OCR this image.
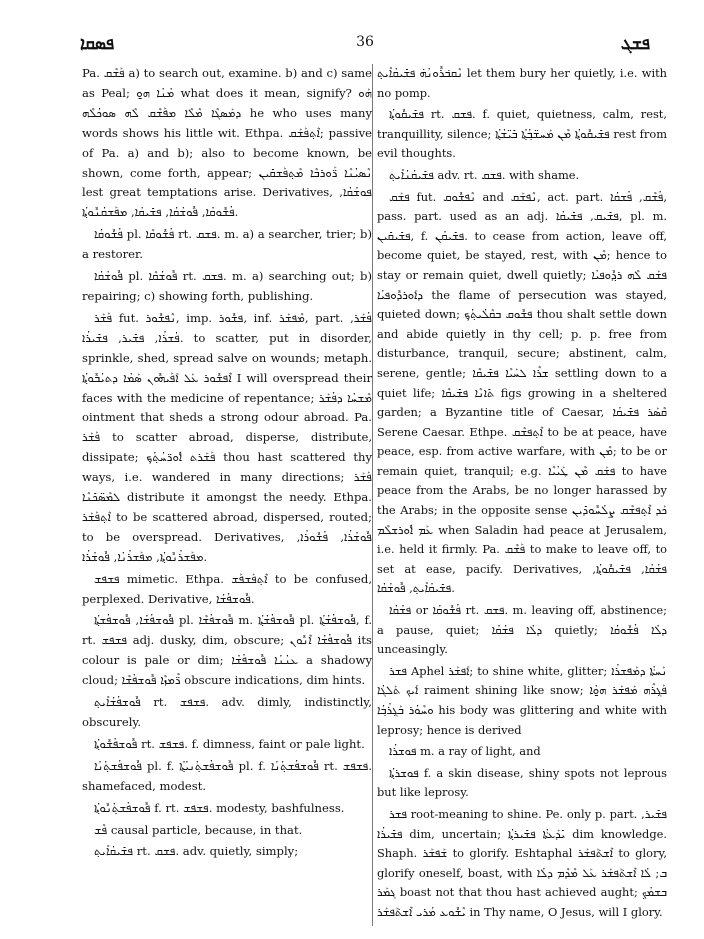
ܦܣܩܐ	36	ܦܫܓ

Pa. ܦܰܫܶܩ a) to search out, examine. b) and c) same as Peal; ܡܳܢܳܐ ܗ̱ܘ what does it mean, signify? ܗܰܘ ܕܡܰܣܓܶܐ ܡܶܠܶܐ ܡܦܰܫܶܩ ܠܶܗ ܣܘܟܳܠܶܗ he who uses many words shows his little wit. Ethpa. ܐܶܬ݂ܦܰܫܰܩ; passive of Pa. a) and b); also to become known, be shown, come forth, appear; ܢܶܣܝܳܢܶܐ ܪ̈ܰܘܪܒܶܐ ܡܶܬ݂ܦܰܫܩܺܝܢ lest great temptations arise. Derivatives, ܦܘܫܳܩܳܐ, ܦܳܫܽܘܩܳܐ, ܦܽܘܫܳܩܳܐ, ܦܫܺܝܩܳܐ, ܡܦܰܫܩܳܢܽܘܬ݂ܳܐ.

ܦܳܫܽܘܩܳܐ pl. ܦܳܫܽܘܩܶܐ rt. ܦܫܩ. m. a) a searcher, trier; b) a restorer.

ܦܽܘܫܳܩܳܐ pl. ܦܽܘܫܳܩܶܐ rt. ܦܫܩ. m. a) searching out; b) repairing; c) showing forth, publishing.

ܦܰܫܰܪ fut. ܢܶܦܫܽܘܪ, imp. ܦܫܽܘܪ, inf. ܡܶܦܫܰܪ, part. ܦܳܫܰܪ, ܦܳܫܪܳܐ, ܦܫܺܝܪ, ܦܫܺܝܪܳܐ. to scatter, put in disorder, sprinkle, shed, spread salve on wounds; metaph. ܐܶܦܫܽܘܪ ܥܰܠ ܐܰܦܰܝܗܽܘܢ ܣܰܡܳܐ ܕܬܝܳܒܽܘܬ݂ܳܐ I will overspread their faces with the medicine of repentance; ܡܶܫܚܳܐ ܕܦܳܫܰܪ ointment that sheds a strong odour abroad. Pa. ܦܰܫܰܪ to scatter abroad, disperse, distribute, dissipate; ܦܰܫܰܪܬ ܐܽܘܪ̈ܚܳܬ݂ܳܟ݂ thou hast scattered thy ways, i.e. wandered in many directions; ܦܰܫܰܪ ܠܡܶܣ̈ܟܺܢܶܐ distribute it amongst the needy. Ethpa. ܐܶܬ݂ܦܰܫܰܪ to be scattered abroad, dispersed, routed; to be overspread. Derivatives, ܦܽܘܫܳܪܳܐ, ܦܳܫܽܘܪܳܐ, ܡܦܰܫܪܳܢܽܘܬ݂ܳܐ, ܡܦܰܫܪܳܢܳܐ, ܦܽܘܫܳܪܳܐ.

ܦܫܦܫ mimetic. Ethpa. ܐܶܬ݂ܦܰܫܦܰܫ to be confused, perplexed. Derivative, ܦܽܘܫܦܳܫܳܐ.

ܦܽܘܫܦܳܫܳܐ, ܦܽܘܫܦܳܫܬ݂ܳܐ pl. ܦܽܘܫܦܳܫܶܐ m. ܦܽܘܫܦܳܫܳܬ݂ܳܐ pl. ܦܽܘܫܦܳܫܳܬ݂ܳܐ, f. rt. ܦܫܦܫ adj. dusky, dim, obscure; ܦܽܘܫܦܳܫܳܐ ܐܶܢܽܘܢ its colour is pale or dim; ܥܢܳܢܳܐ ܦܽܘܫܦܳܫܳܐ a shadowy cloud; ܪ̈ܶܡܙܶܐ ܦܽܘܫܦܳܫܶܐ obscure indications, dim hints.

ܦܽܘܫܦܳܫܳܐܺܝܬ݂ rt. ܦܫܦܫ. adv. dimly, indistinctly, obscurely.

ܦܽܘܫܦܳܫܽܘܬ݂ܳܐ rt. ܦܫܦܫ. f. dimness, faint or pale light.

ܦܽܘܫܦܳܫܬ݂ܳܢܳܐ pl. f. ܦܽܘܫܦܳܫܬ݂ܳܢܝܳܬ݂ܳܐ pl. f. ܦܽܘܫܦܳܫܬ݂ܳܢܳܐ rt. ܦܫܦܫ. shamefaced, modest.

ܦܽܘܫܦܳܫܬ݂ܳܢܽܘܬ݂ܳܐ f. rt. ܦܫܦܫ. modesty, bashfulness.

ܦܶܫ causal particle, because, in that.

ܦܫܺܝܩܳܐܺܝܬ݂ rt. ܦܫܩ. adv. quietly, simply;

ܢܶܩܒ݁ܪܽܘܢܳܗ̇ ܦܫܺܝܩܳܐܺܝܬ݂ let them bury her quietly, i.e. with no pomp.

ܦܫܺܝܩܽܘܬ݂ܳܐ rt. ܦܫܩ. f. quiet, quietness, calm, rest, tranquillity, silence; ܦܫܺܝܩܽܘܬ݂ܳܐ ܡܶܢ ܡܰܚܫ̈ܒ݂ܳܬ݂ܳܐ ܒܺܝ̈ܫܳܬ݂ܳܐ rest from evil thoughts.

ܦܫܺܝܩܳܢܳܐܺܝܬ݂ adv. rt. ܦܫܩ. with shame.

ܦܫܰܩ fut. ܢܶܦܫܽܘܩ and ܢܶܦܫܰܩ, act. part. ܦܳܫܶܩ, ܦܳܫܩܳܐ, pass. part. used as an adj. ܦܫܺܝܩ, ܦܫܺܝܩܳܐ, pl. m. ܦܫܺܝܩܺܝܢ, f. ܦܫܺܝܩܳܢ. to cease from action, leave off, become quiet, be stayed, rest, with ܡܶܢ; hence to stay or remain quiet, dwell quietly; ܦܫܰܩ ܠܶܗ ܪܕ݂ܽܘܦܝܳܐ ܕܐܰܘܪܕܽܘܦܝܳܐ the flame of persecution was stayed, quieted down; ܦܫܽܘܩ ܒܩܶܠܳܝܬ݂ܳܟ݂ thou shalt settle down and abide quietly in thy cell; p. p. free from disturbance, tranquil, secure; abstinent, calm, serene, gentle; ܫܪܶܐ ܠܚܰܝܶܐ ܦܫܺܝܩܶܐ settling down to a quiet life; ܬܺܐܢܶܐ ܦܫܺܝܩܶܐ figs growing in a sheltered garden; a Byzantine title of Caesar, ܩܶܣܰܪ ܦܫܺܝܩܳܐ Serene Caesar. Ethpe. ܐܶܬ݂ܦܫܶܩ to be at peace, have peace, esp. from active warfare, with ܡܶܢ; to be or remain quiet, tranquil; e.g. ܦܫܰܩ ܡܶܢ ܛܰܝܳܝܶܐ to have peace from the Arabs, be no longer harassed by the Arabs; in the opposite sense ܟܰܕ ܐܶܬ݂ܦܫܶܩ ܨܠܳܚܽܘܕܺܝܢ ܥܰܡ ܐܽܘܪܫܠܶܡ when Saladin had peace at Jerusalem, i.e. held it firmly. Pa. ܦܰܫܶܩ to make to leave off, to set at ease, pacify. Derivatives, ܦܫܳܩܳܐ, ܦܫܺܝܩܽܘܬ݂ܳܐ, ܦܫܺܝܩܳܐܺܝܬ݂, ܦܽܘܫܳܩܳܐ.

ܦܫܳܩܳܐ or ܦܳܫܽܘܩܳܐ rt. ܦܫܩ. m. leaving off, abstinence; a pause, quiet; ܕܠܳܐ ܦܫܳܩܳܐ quietly; ܕܠܳܐ ܦܳܫܽܘܩܳܐ unceasingly.

ܦܫܪ Aphel ܐܰܦܫܰܪ; to shine white, glitter; ܢܰܚܬ݁ܳܐ ܕܡܰܦܫܪܳܐ ܐܰܝܟ ܬܰܠܓܳܐ raiment shining like snow; ܦܰܓ݂ܪܶܗ ܡܰܦܫܰܪ ܗ̱ܘܳܐ ܘܚܶܘܳܪ ܒܰܓ݂ܪܳܒ݂ܳܐ his body was glittering and white with leprosy; hence is derived

ܦܘܫܪܳܐ m. a ray of light, and

ܦܘܫܪܬ݂ܳܐ f. a skin disease, shiny spots not leprous but like leprosy.

ܦܫܪ root-meaning to shine. Pe. only p. part. ܦܫܺܝܪ, ܦܫܺܝܪܳܐ dim, uncertain; ܝܺܕܰܥܬ݁ܳܐ ܦܫܺܝܪܬ݂ܳܐ dim knowledge. Shaph. ܫܰܦܫܰܪ to glorify. Eshtaphal ܐܶܫܬ݁ܰܦܫܰܪ to glory, glorify oneself, boast, with ܒ; ܠܳܐ ܐܶܫܬ݁ܰܦܫܰܪ ܥܰܠ ܡܶܕܶܡ ܕܠܳܐ ܓܡܰܪ boast not that thou hast achieved aught; ܒܫܡܳܟ݂ ܝܶܫܽܘܥ ܡܳܪܝ ܐܶܫܬ݁ܰܦܫܰܪ in Thy name, O Jesus, will I glory.
